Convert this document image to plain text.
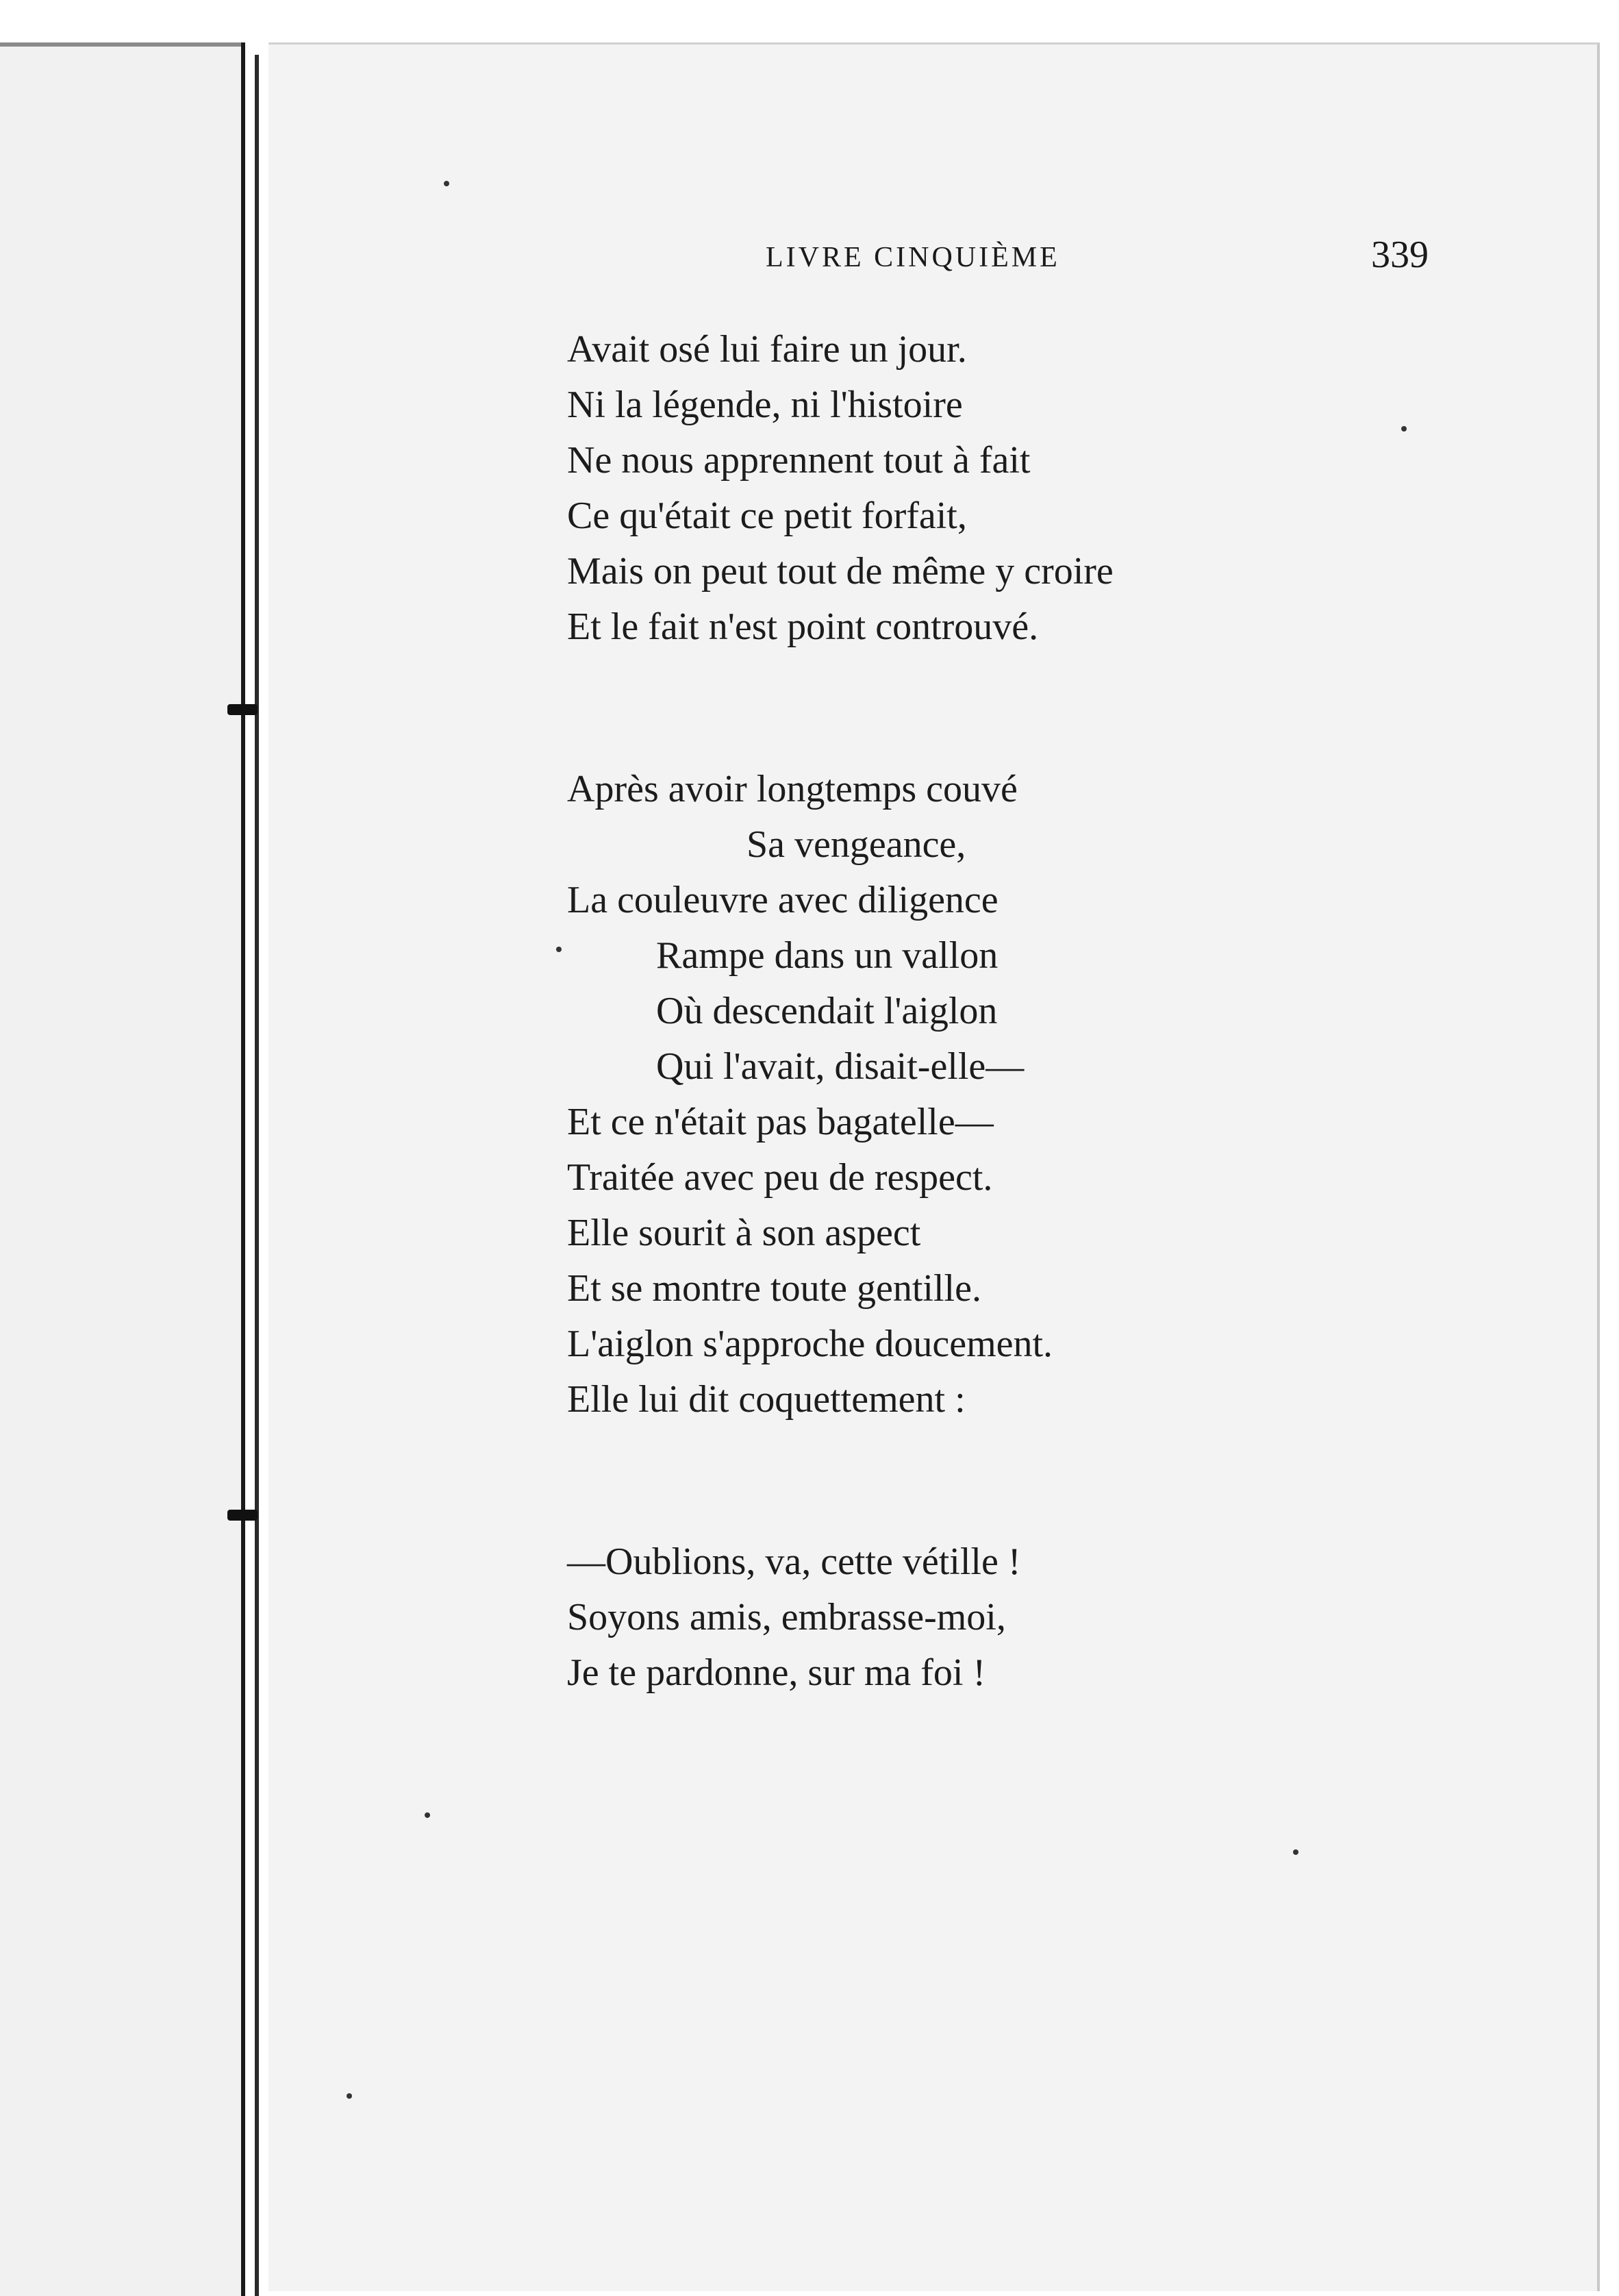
LIVRE CINQUIÈME	339
Avait osé lui faire un jour.
Ni la légende, ni l'histoire
Ne nous apprennent tout à fait
Ce qu'était ce petit forfait,
Mais on peut tout de même y croire
Et le fait n'est point controuvé.
Après avoir longtemps couvé
Sa vengeance,
La couleuvre avec diligence
Rampe dans un vallon
Où descendait l'aiglon
Qui l'avait, disait-elle—
Et ce n'était pas bagatelle—
Traitée avec peu de respect.
Elle sourit à son aspect
Et se montre toute gentille.
L'aiglon s'approche doucement.
Elle lui dit coquettement :
—Oublions, va, cette vétille !
Soyons amis, embrasse-moi,
Je te pardonne, sur ma foi !
